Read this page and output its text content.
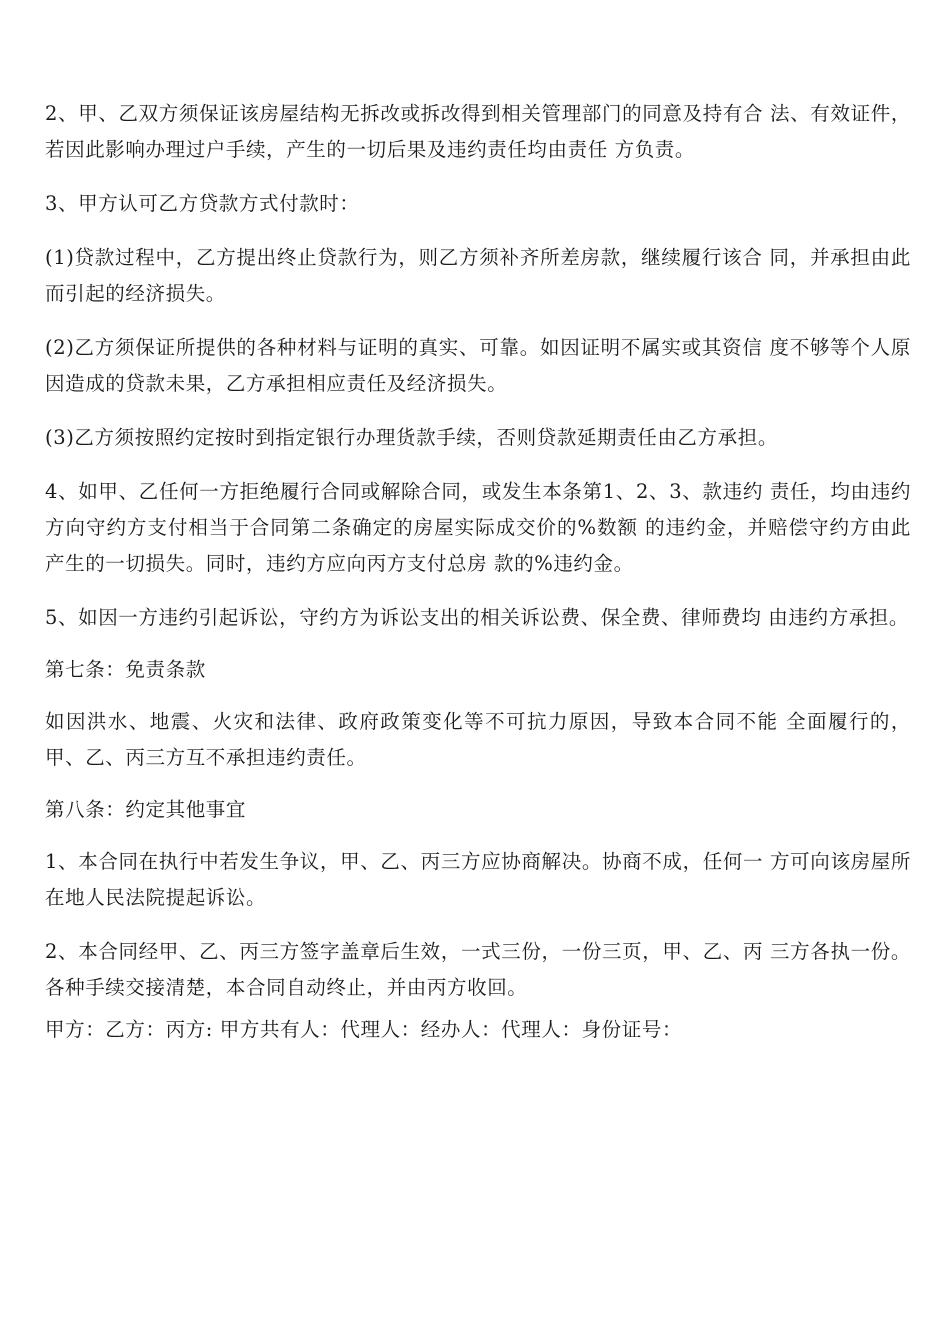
2、甲、乙双方须保证该房屋结构无拆改或拆改得到相关管理部门的同意及持有合 法、有效证件，若因此影响办理过户手续，产生的一切后果及违约责任均由责任 方负责。

3、甲方认可乙方贷款方式付款时：

(1)贷款过程中，乙方提出终止贷款行为，则乙方须补齐所差房款，继续履行该合 同，并承担由此而引起的经济损失。

(2)乙方须保证所提供的各种材料与证明的真实、可靠。如因证明不属实或其资信 度不够等个人原因造成的贷款未果，乙方承担相应责任及经济损失。

(3)乙方须按照约定按时到指定银行办理货款手续，否则贷款延期责任由乙方承担。

4、如甲、乙任何一方拒绝履行合同或解除合同，或发生本条第1、2、3、款违约 责任，均由违约方向守约方支付相当于合同第二条确定的房屋实际成交价的%数额 的违约金，并赔偿守约方由此产生的一切损失。同时，违约方应向丙方支付总房 款的%违约金。

5、如因一方违约引起诉讼，守约方为诉讼支出的相关诉讼费、保全费、律师费均 由违约方承担。

第七条：免责条款

如因洪水、地震、火灾和法律、政府政策变化等不可抗力原因，导致本合同不能 全面履行的，甲、乙、丙三方互不承担违约责任。

第八条：约定其他事宜

1、本合同在执行中若发生争议，甲、乙、丙三方应协商解决。协商不成，任何一 方可向该房屋所在地人民法院提起诉讼。

2、本合同经甲、乙、丙三方签字盖章后生效，一式三份，一份三页，甲、乙、丙 三方各执一份。各种手续交接清楚，本合同自动终止，并由丙方收回。

甲方：乙方：丙方: 甲方共有人：代理人：经办人：代理人：身份证号：
